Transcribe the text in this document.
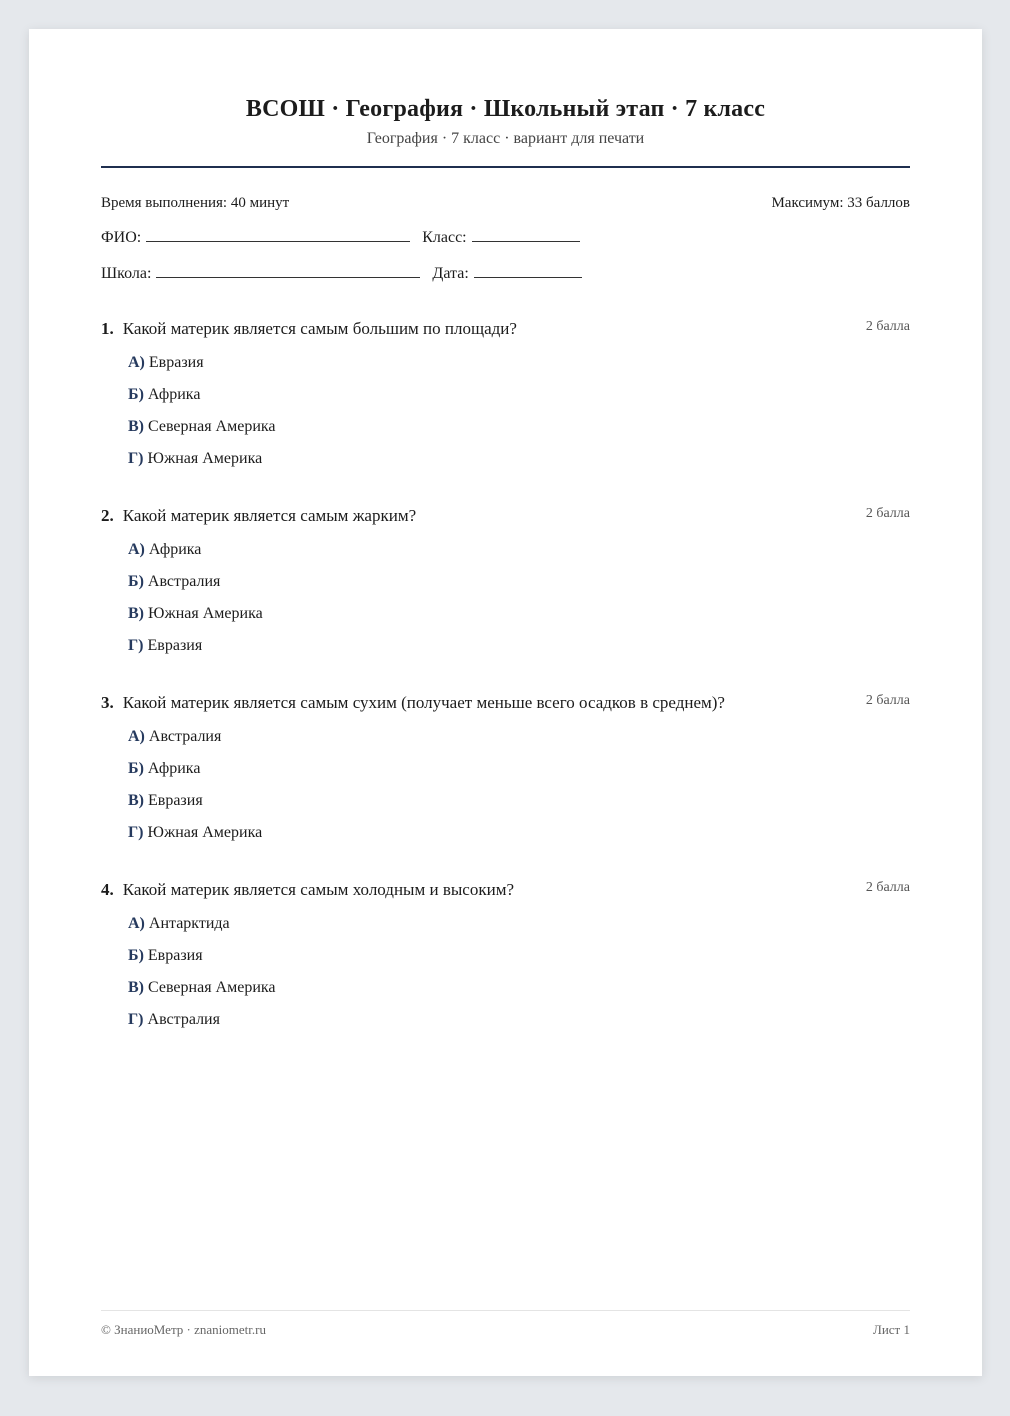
ВСОШ · География · Школьный этап · 7 класс
География · 7 класс · вариант для печати
Время выполнения: 40 минут	Максимум: 33 баллов
ФИО:	Класс:
Школа:	Дата:
1. Какой материк является самым большим по площади?	2 балла
А) Евразия
Б) Африка
В) Северная Америка
Г) Южная Америка
2. Какой материк является самым жарким?	2 балла
А) Африка
Б) Австралия
В) Южная Америка
Г) Евразия
3. Какой материк является самым сухим (получает меньше всего осадков в среднем)?	2 балла
А) Австралия
Б) Африка
В) Евразия
Г) Южная Америка
4. Какой материк является самым холодным и высоким?	2 балла
А) Антарктида
Б) Евразия
В) Северная Америка
Г) Австралия
© ЗнаниоМетр · znaniometr.ru	Лист 1
